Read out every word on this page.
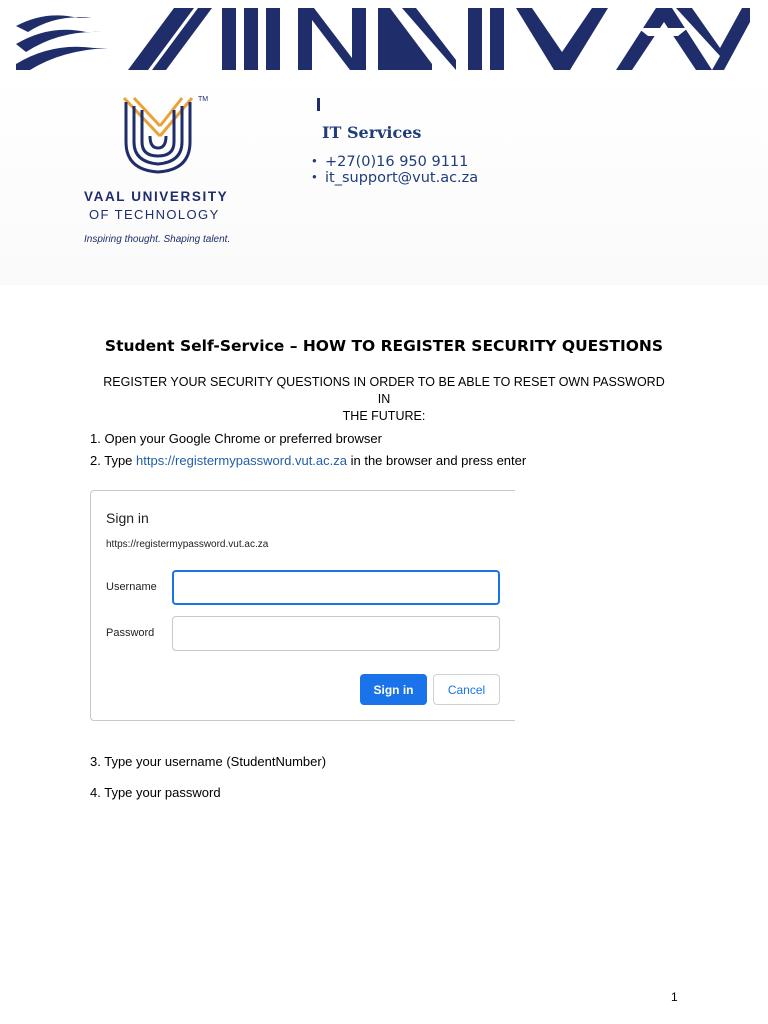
TM
VAAL UNIVERSITY
OF TECHNOLOGY
Inspiring thought. Shaping talent.
IT Services
● +27(0)16 950 9111
● it_support@vut.ac.za
Student Self-Service – HOW TO REGISTER SECURITY QUESTIONS
REGISTER YOUR SECURITY QUESTIONS IN ORDER TO BE ABLE TO RESET OWN PASSWORD IN
THE FUTURE:
1. Open your Google Chrome or preferred browser
2. Type https://registermypassword.vut.ac.za in the browser and press enter
Sign in
https://registermypassword.vut.ac.za
Username
Password
Sign in	Cancel
3. Type your username (StudentNumber)
4. Type your password
1
